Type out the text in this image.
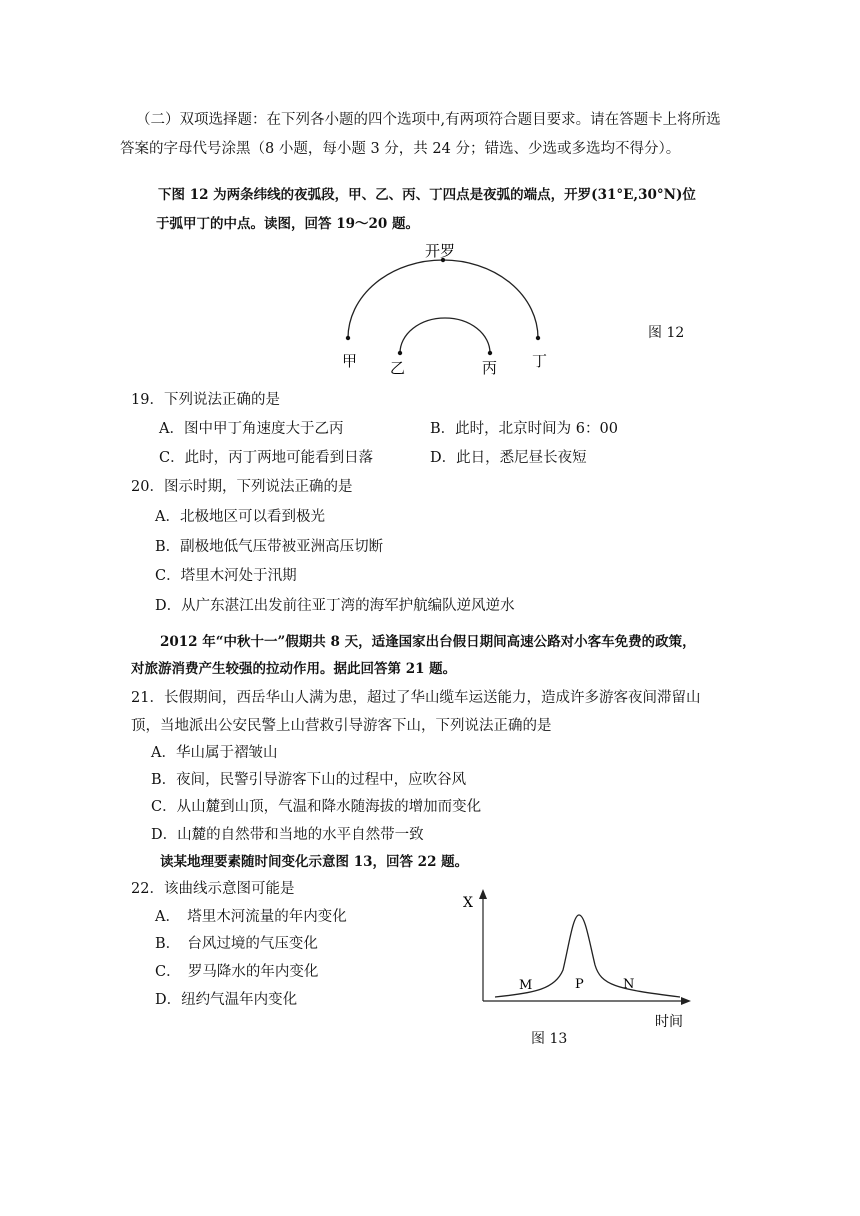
（二）双项选择题：在下列各小题的四个选项中,有两项符合题目要求。请在答题卡上将所选
答案的字母代号涂黑（8 小题，每小题 3 分，共 24 分；错选、少选或多选均不得分）。
下图 12 为两条纬线的夜弧段，甲、乙、丙、丁四点是夜弧的端点，开罗(31°E,30°N)位
于弧甲丁的中点。读图，回答 19～20 题。
开罗
甲 乙	丙 丁
图 12
19．下列说法正确的是
A．图中甲丁角速度大于乙丙	B．此时，北京时间为 6：00
C．此时，丙丁两地可能看到日落	D．此日，悉尼昼长夜短
20．图示时期，下列说法正确的是
A．北极地区可以看到极光
B．副极地低气压带被亚洲高压切断
C．塔里木河处于汛期
D．从广东湛江出发前往亚丁湾的海军护航编队逆风逆水
2012 年“中秋十一”假期共 8 天，适逢国家出台假日期间高速公路对小客车免费的政策，
对旅游消费产生较强的拉动作用。据此回答第 21 题。
21．长假期间，西岳华山人满为患，超过了华山缆车运送能力，造成许多游客夜间滞留山
顶，当地派出公安民警上山营救引导游客下山，下列说法正确的是
A．华山属于褶皱山
B．夜间，民警引导游客下山的过程中，应吹谷风
C．从山麓到山顶，气温和降水随海拔的增加而变化
D．山麓的自然带和当地的水平自然带一致
读某地理要素随时间变化示意图 13，回答 22 题。
22．该曲线示意图可能是
A．　塔里木河流量的年内变化
B．　台风过境的气压变化
C．　罗马降水的年内变化
D．纽约气温年内变化
X
M	P	N
时间
图 13
